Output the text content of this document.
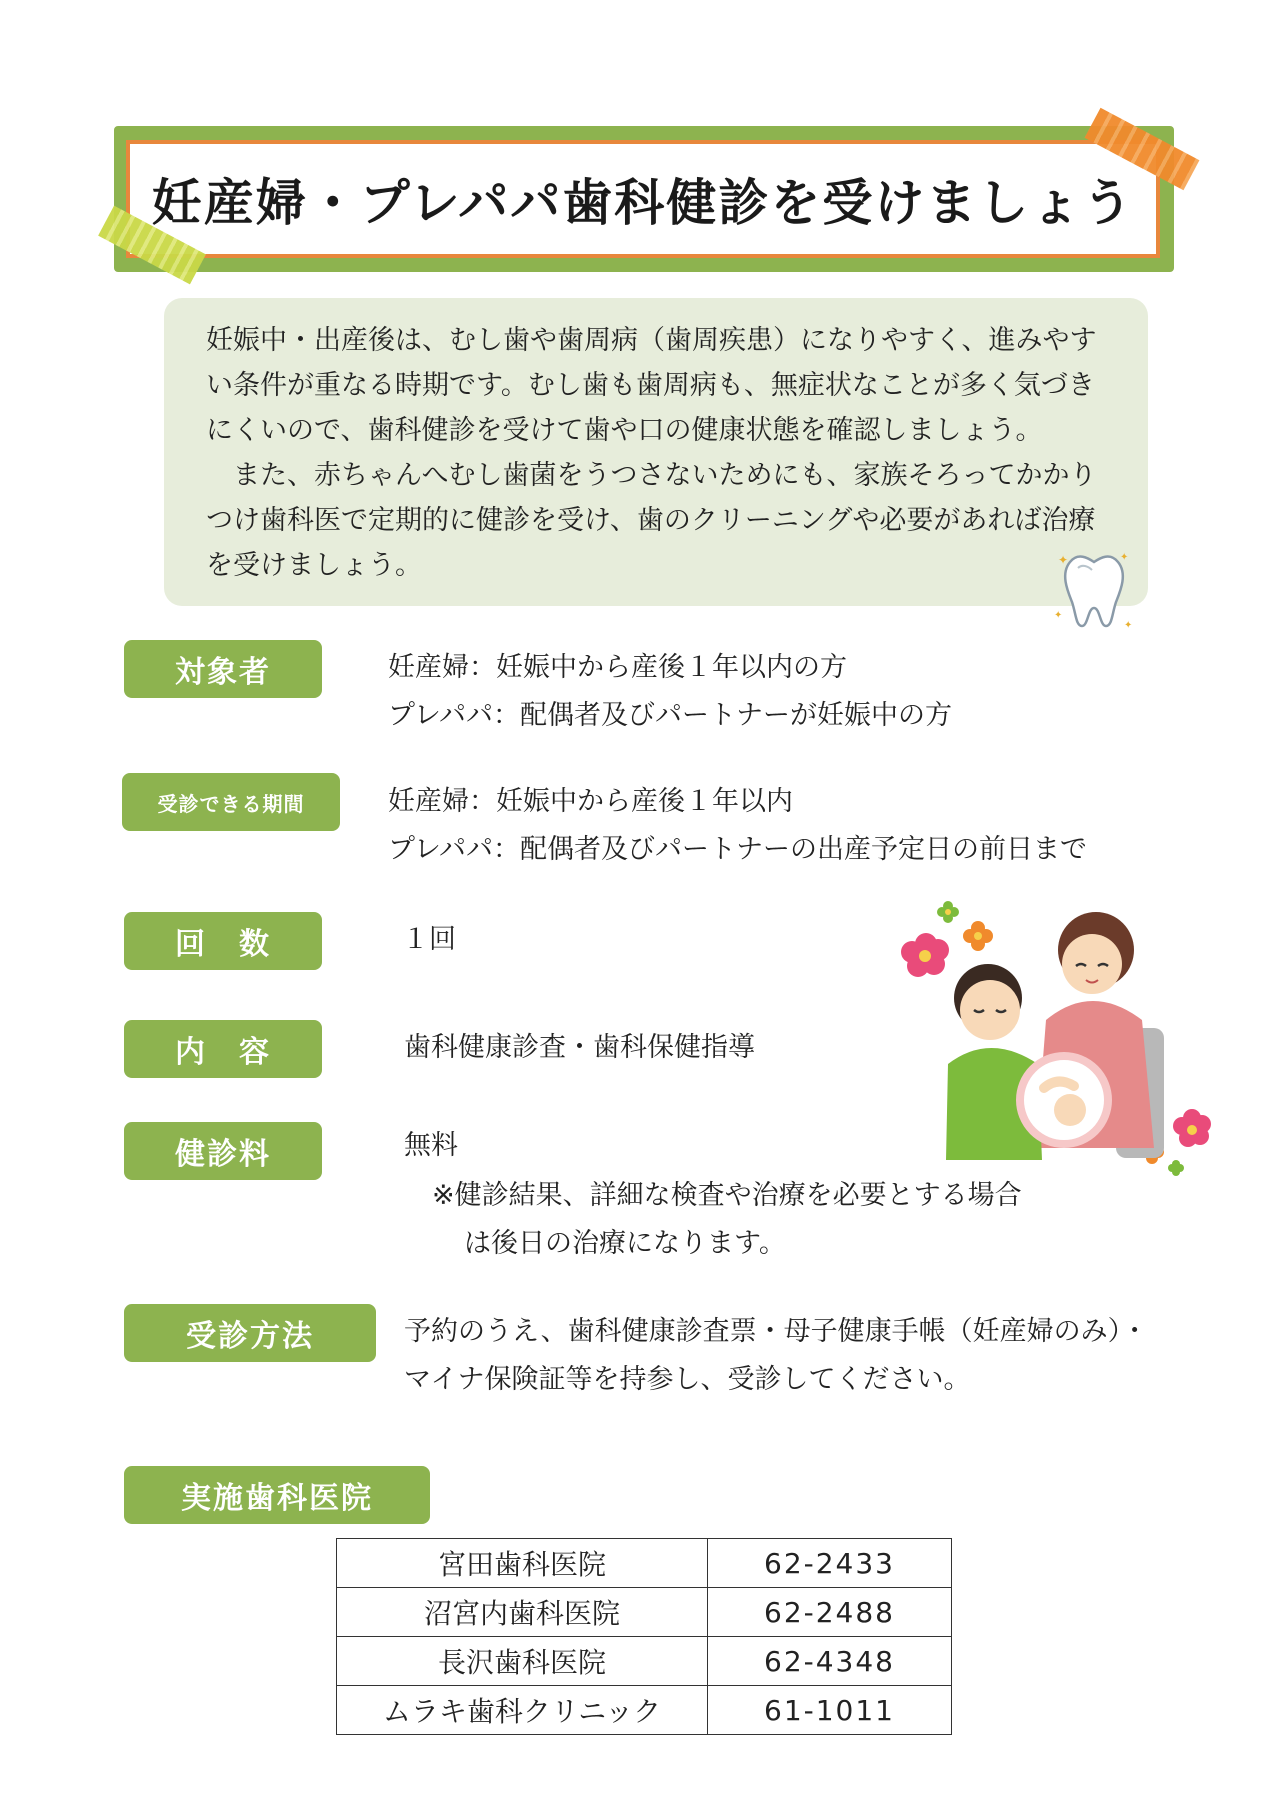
妊産婦・プレパパ歯科健診を受けましょう

妊娠中・出産後は、むし歯や歯周病（歯周疾患）になりやすく、進みやすい条件が重なる時期です。むし歯も歯周病も、無症状なことが多く気づきにくいので、歯科健診を受けて歯や口の健康状態を確認しましょう。

また、赤ちゃんへむし歯菌をうつさないためにも、家族そろってかかりつけ歯科医で定期的に健診を受け、歯のクリーニングや必要があれば治療を受けましょう。	✦	✦
✦
✦
対象者	妊産婦：妊娠中から産後１年以内の方
プレパパ：配偶者及びパートナーが妊娠中の方
受診できる期間	妊産婦：妊娠中から産後１年以内
プレパパ：配偶者及びパートナーの出産予定日の前日まで
回　数	１回
内　容	歯科健康診査・歯科保健指導
健診料	無料
※健診結果、詳細な検査や治療を必要とする場合
は後日の治療になります。
受診方法	予約のうえ、歯科健康診査票・母子健康手帳（妊産婦のみ）・
マイナ保険証等を持参し、受診してください。
実施歯科医院
宮田歯科医院	62-2433
沼宮内歯科医院	62-2488
長沢歯科医院	62-4348
ムラキ歯科クリニック	61-1011
